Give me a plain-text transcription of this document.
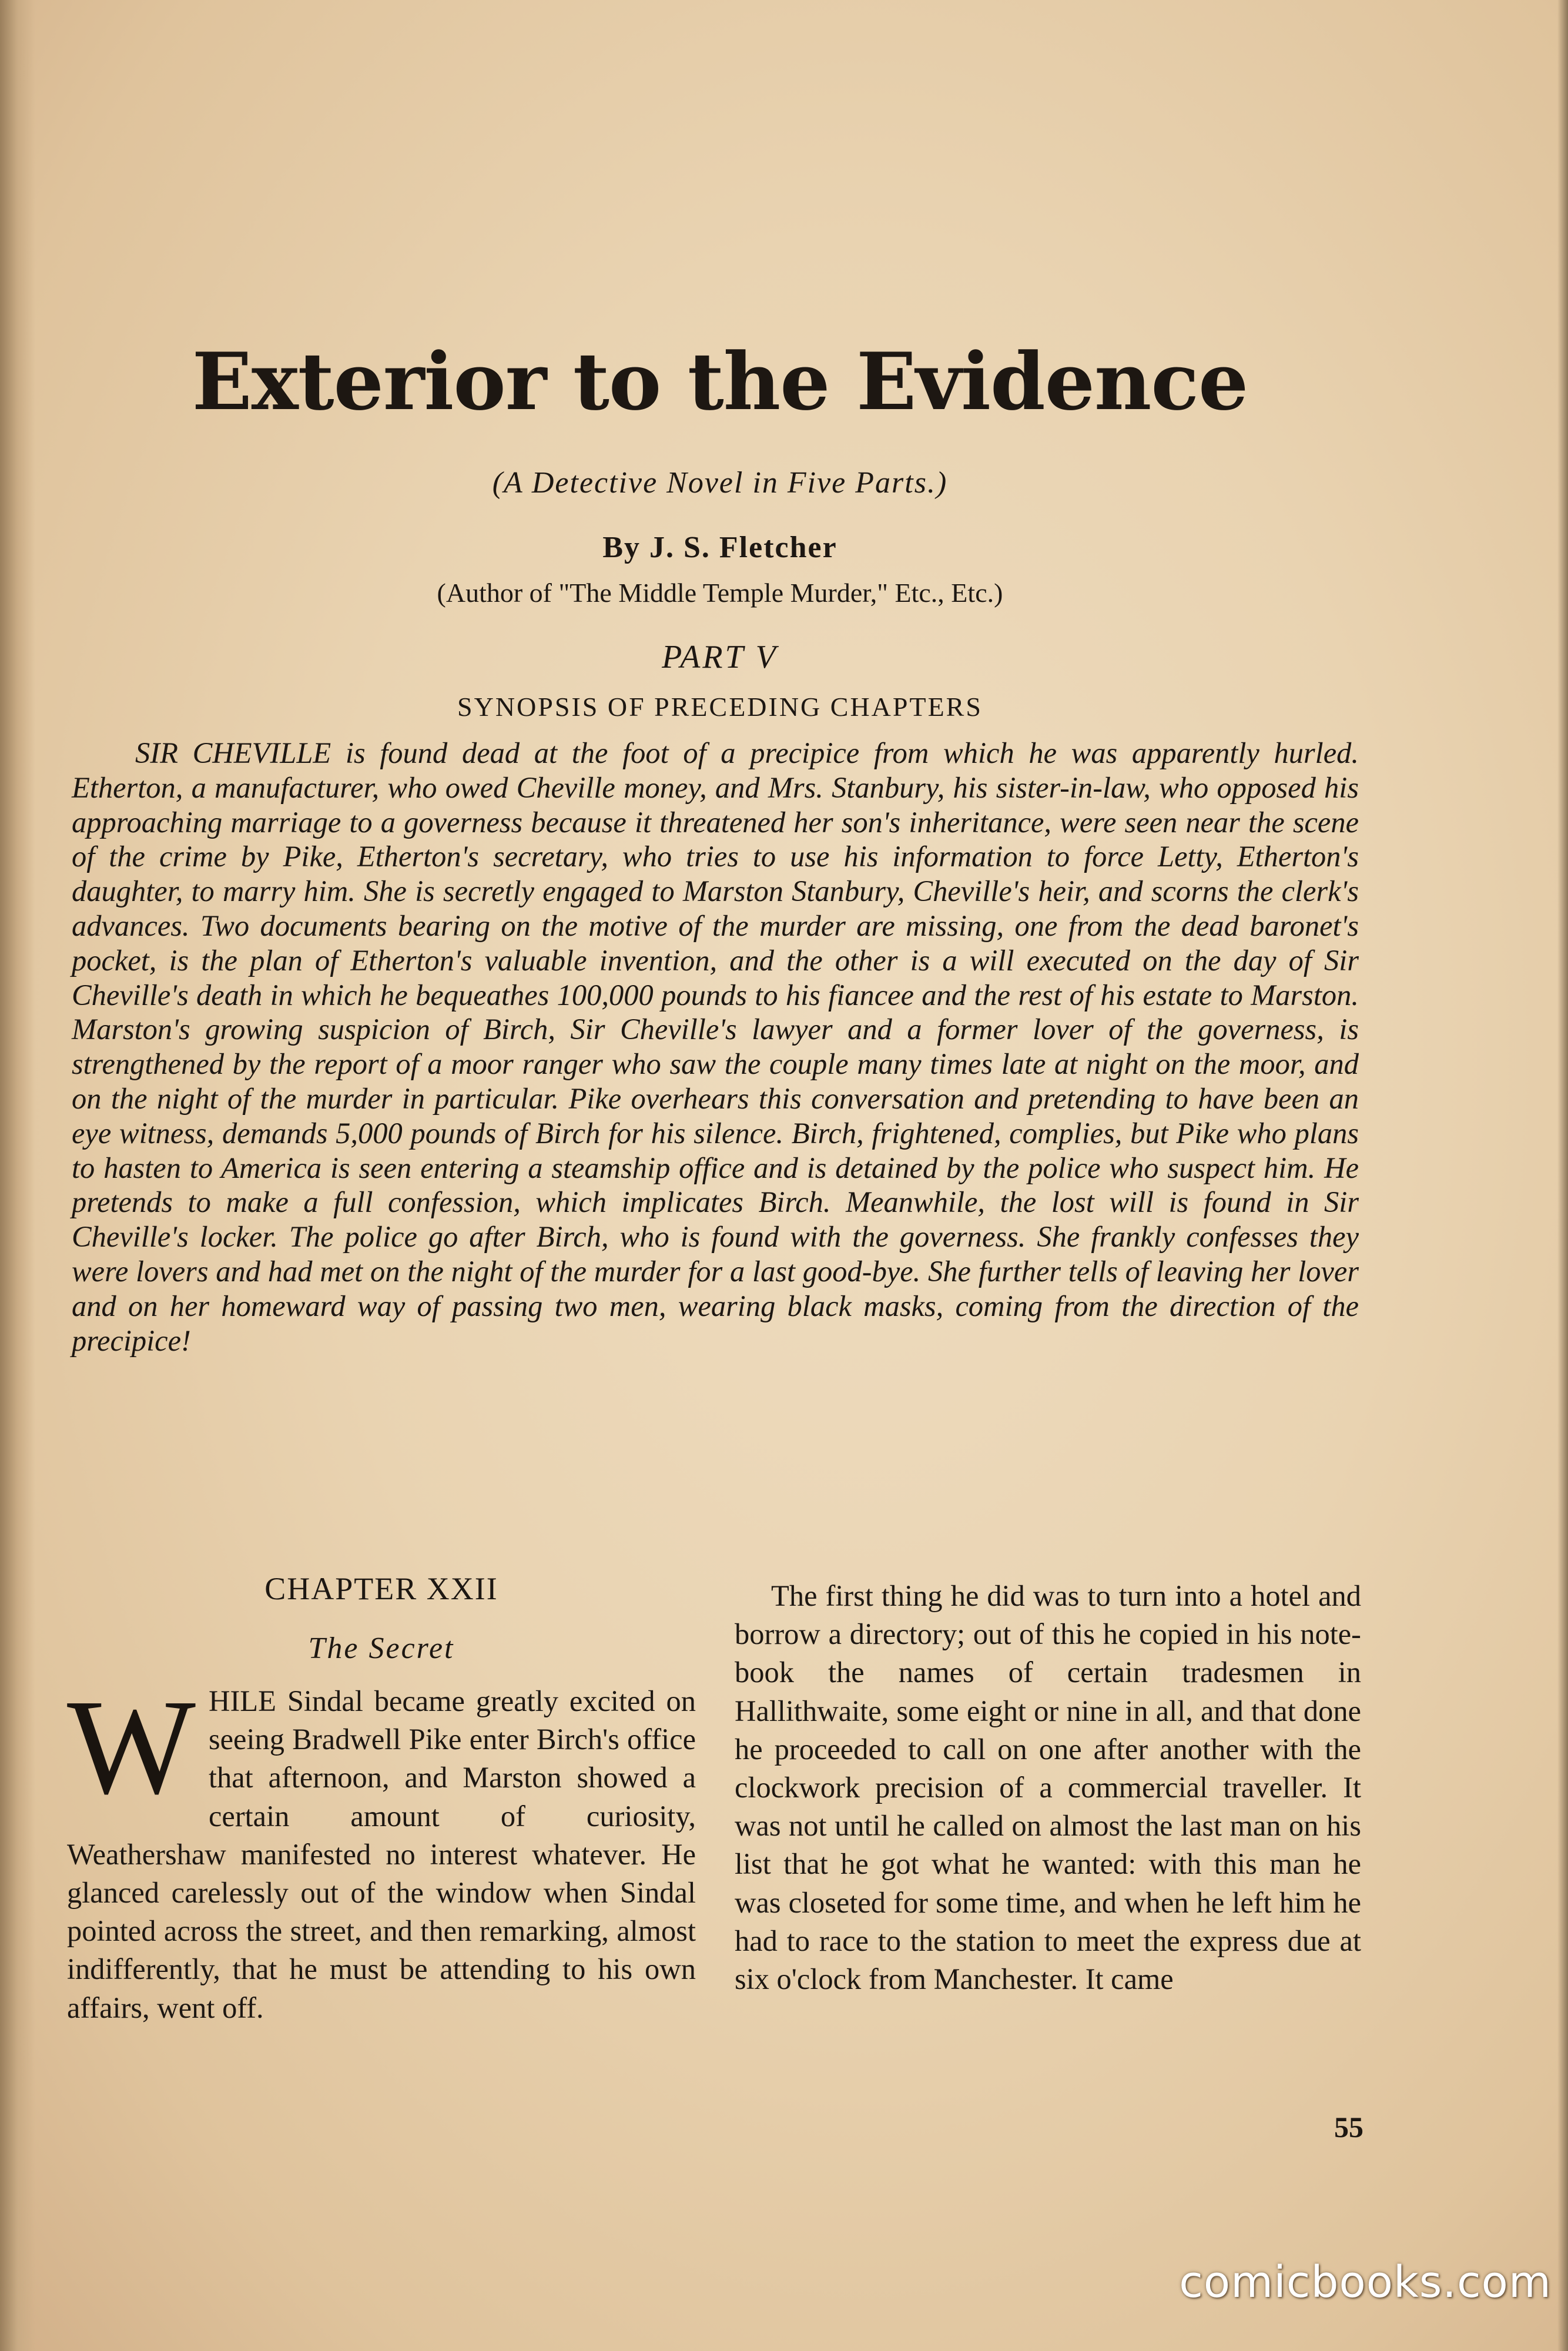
Exterior to the Evidence
(A Detective Novel in Five Parts.)
By J. S. Fletcher
(Author of "The Middle Temple Murder," Etc., Etc.)
PART V
SYNOPSIS OF PRECEDING CHAPTERS

SIR CHEVILLE is found dead at the foot of a precipice from which he was apparently hurled. Etherton, a manufacturer, who owed Cheville money, and Mrs. Stanbury, his sister-in-law, who opposed his approaching marriage to a governess because it threatened her son's inheritance, were seen near the scene of the crime by Pike, Etherton's secretary, who tries to use his information to force Letty, Etherton's daughter, to marry him. She is secretly engaged to Marston Stanbury, Cheville's heir, and scorns the clerk's advances. Two documents bearing on the motive of the murder are missing, one from the dead baronet's pocket, is the plan of Etherton's valuable invention, and the other is a will executed on the day of Sir Cheville's death in which he bequeathes 100,000 pounds to his fiancee and the rest of his estate to Marston. Marston's growing suspicion of Birch, Sir Cheville's lawyer and a former lover of the governess, is strengthened by the report of a moor ranger who saw the couple many times late at night on the moor, and on the night of the murder in particular. Pike overhears this conversation and pretending to have been an eye witness, demands 5,000 pounds of Birch for his silence. Birch, frightened, complies, but Pike who plans to hasten to America is seen entering a steamship office and is detained by the police who suspect him. He pretends to make a full confession, which implicates Birch. Meanwhile, the lost will is found in Sir Cheville's locker. The police go after Birch, who is found with the governess. She frankly confesses they were lovers and had met on the night of the murder for a last good-bye. She further tells of leaving her lover and on her homeward way of passing two men, wearing black masks, coming from the direction of the precipice!

CHAPTER XXII
The Secret

WHILE Sindal became greatly excited on seeing Bradwell Pike enter Birch's office that afternoon, and Marston showed a certain amount of curiosity, Weathershaw manifested no interest whatever. He glanced carelessly out of the window when Sindal pointed across the street, and then remarking, almost indifferently, that he must be attending to his own affairs, went off.

The first thing he did was to turn into a hotel and borrow a directory; out of this he copied in his note-book the names of certain tradesmen in Hallithwaite, some eight or nine in all, and that done he proceeded to call on one after another with the clockwork precision of a commercial traveller. It was not until he called on almost the last man on his list that he got what he wanted: with this man he was closeted for some time, and when he left him he had to race to the station to meet the express due at six o'clock from Manchester. It came

55
comicbooks.com
